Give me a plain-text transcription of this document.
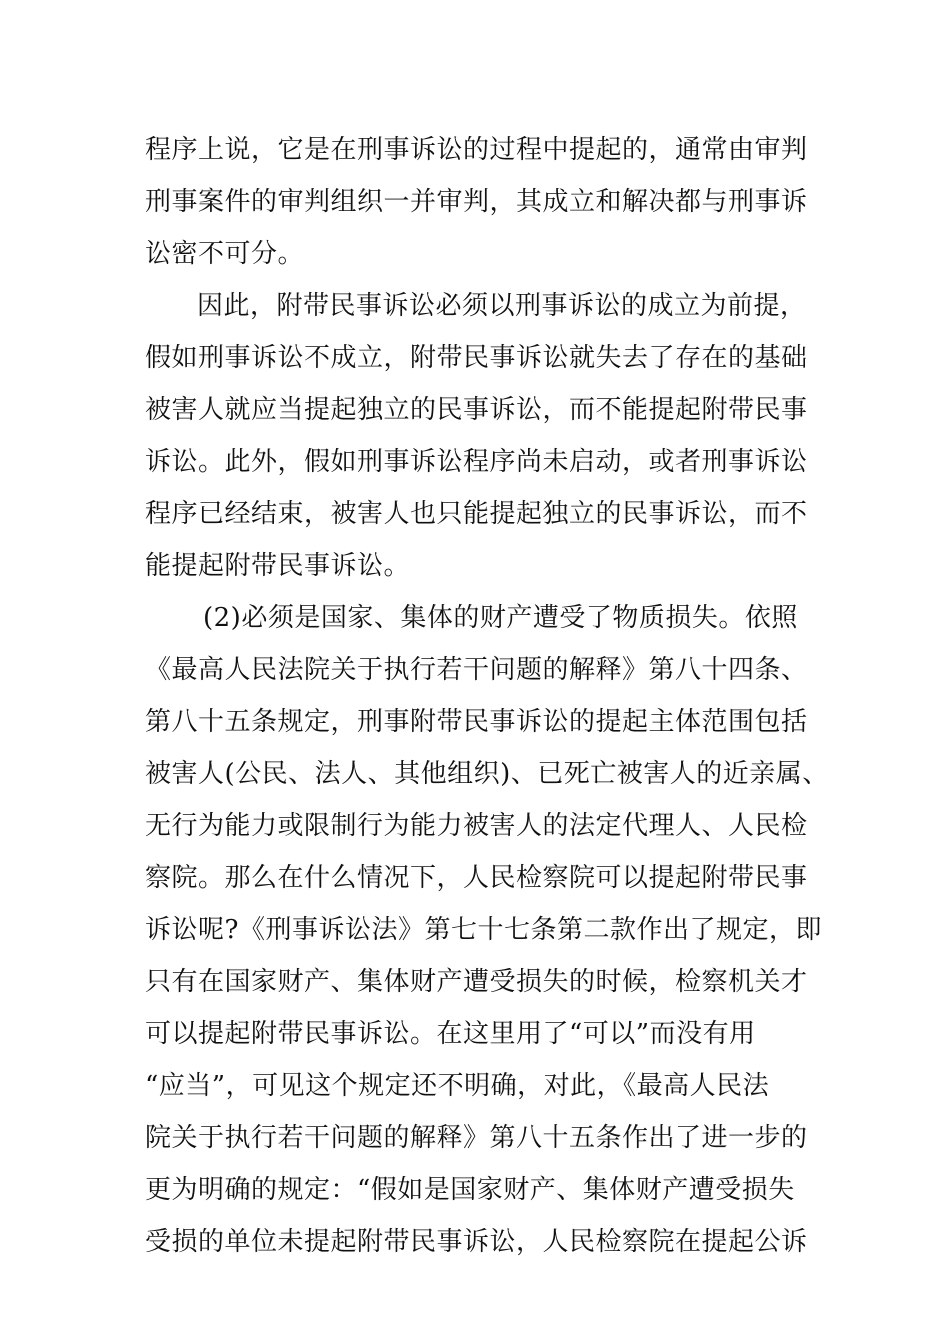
程序上说，它是在刑事诉讼的过程中提起的，通常由审判
刑事案件的审判组织一并审判，其成立和解决都与刑事诉
讼密不可分。
因此，附带民事诉讼必须以刑事诉讼的成立为前提，
假如刑事诉讼不成立，附带民事诉讼就失去了存在的基础
被害人就应当提起独立的民事诉讼，而不能提起附带民事
诉讼。此外，假如刑事诉讼程序尚未启动，或者刑事诉讼
程序已经结束，被害人也只能提起独立的民事诉讼，而不
能提起附带民事诉讼。
(2)必须是国家、集体的财产遭受了物质损失。依照
《最高人民法院关于执行若干问题的解释》第八十四条、
第八十五条规定，刑事附带民事诉讼的提起主体范围包括
被害人(公民、法人、其他组织)、已死亡被害人的近亲属、
无行为能力或限制行为能力被害人的法定代理人、人民检
察院。那么在什么情况下，人民检察院可以提起附带民事
诉讼呢?《刑事诉讼法》第七十七条第二款作出了规定，即
只有在国家财产、集体财产遭受损失的时候，检察机关才
可以提起附带民事诉讼。在这里用了“可以”而没有用
“应当”，可见这个规定还不明确，对此，《最高人民法
院关于执行若干问题的解释》第八十五条作出了进一步的
更为明确的规定：“假如是国家财产、集体财产遭受损失
受损的单位未提起附带民事诉讼，人民检察院在提起公诉
